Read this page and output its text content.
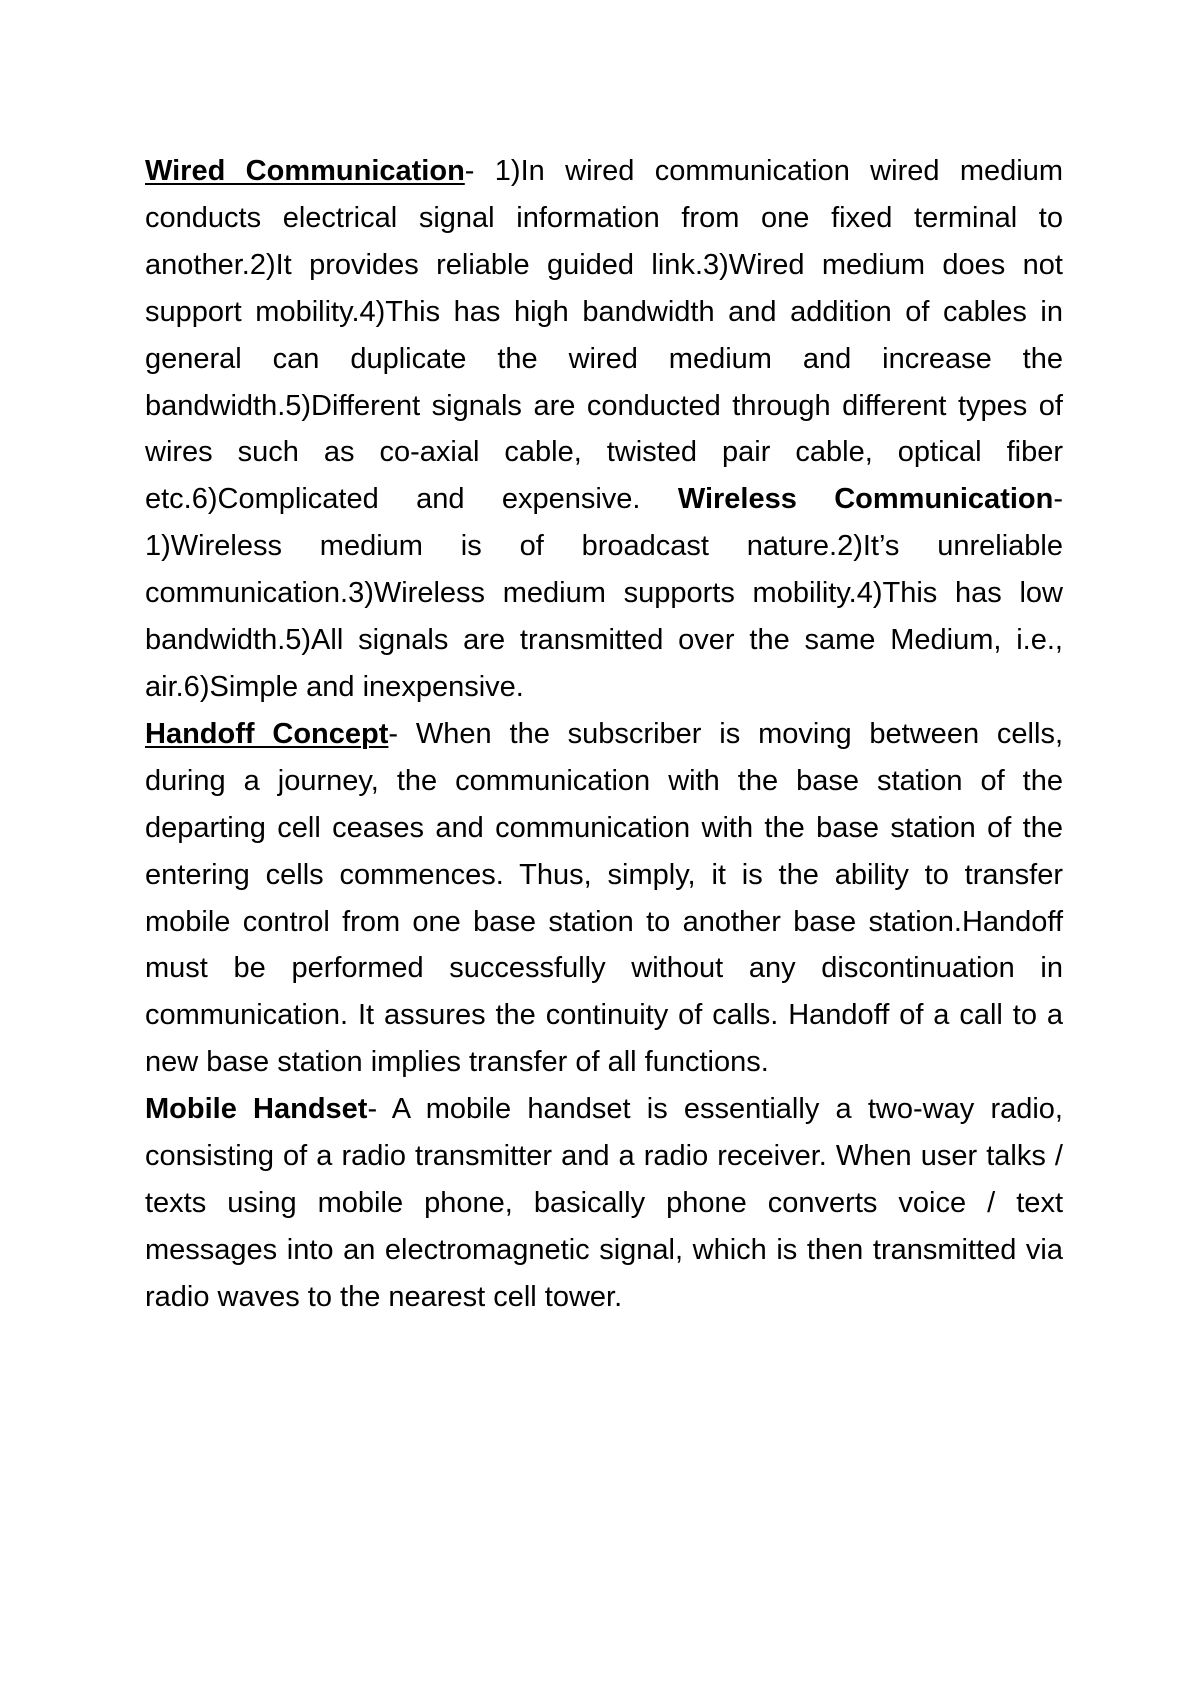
Wired Communication- 1)In wired communication wired medium conducts electrical signal information from one fixed terminal to another.2)It provides reliable guided link.3)Wired medium does not support mobility.4)This has high bandwidth and addition of cables in general can duplicate the wired medium and increase the bandwidth.5)Different signals are conducted through different types of wires such as co-axial cable, twisted pair cable, optical fiber etc.6)Complicated and expensive. Wireless Communication-1)Wireless medium is of broadcast nature.2)It’s unreliable communication.3)Wireless medium supports mobility.4)This has low bandwidth.5)All signals are transmitted over the same Medium, i.e., air.6)Simple and inexpensive.

Handoff Concept- When the subscriber is moving between cells, during a journey, the communication with the base station of the departing cell ceases and communication with the base station of the entering cells commences. Thus, simply, it is the ability to transfer mobile control from one base station to another base station.Handoff must be performed successfully without any discontinuation in communication. It assures the continuity of calls. Handoff of a call to a new base station implies transfer of all functions.

Mobile Handset- A mobile handset is essentially a two-way radio, consisting of a radio transmitter and a radio receiver. When user talks / texts using mobile phone, basically phone converts voice / text messages into an electromagnetic signal, which is then transmitted via radio waves to the nearest cell tower.
